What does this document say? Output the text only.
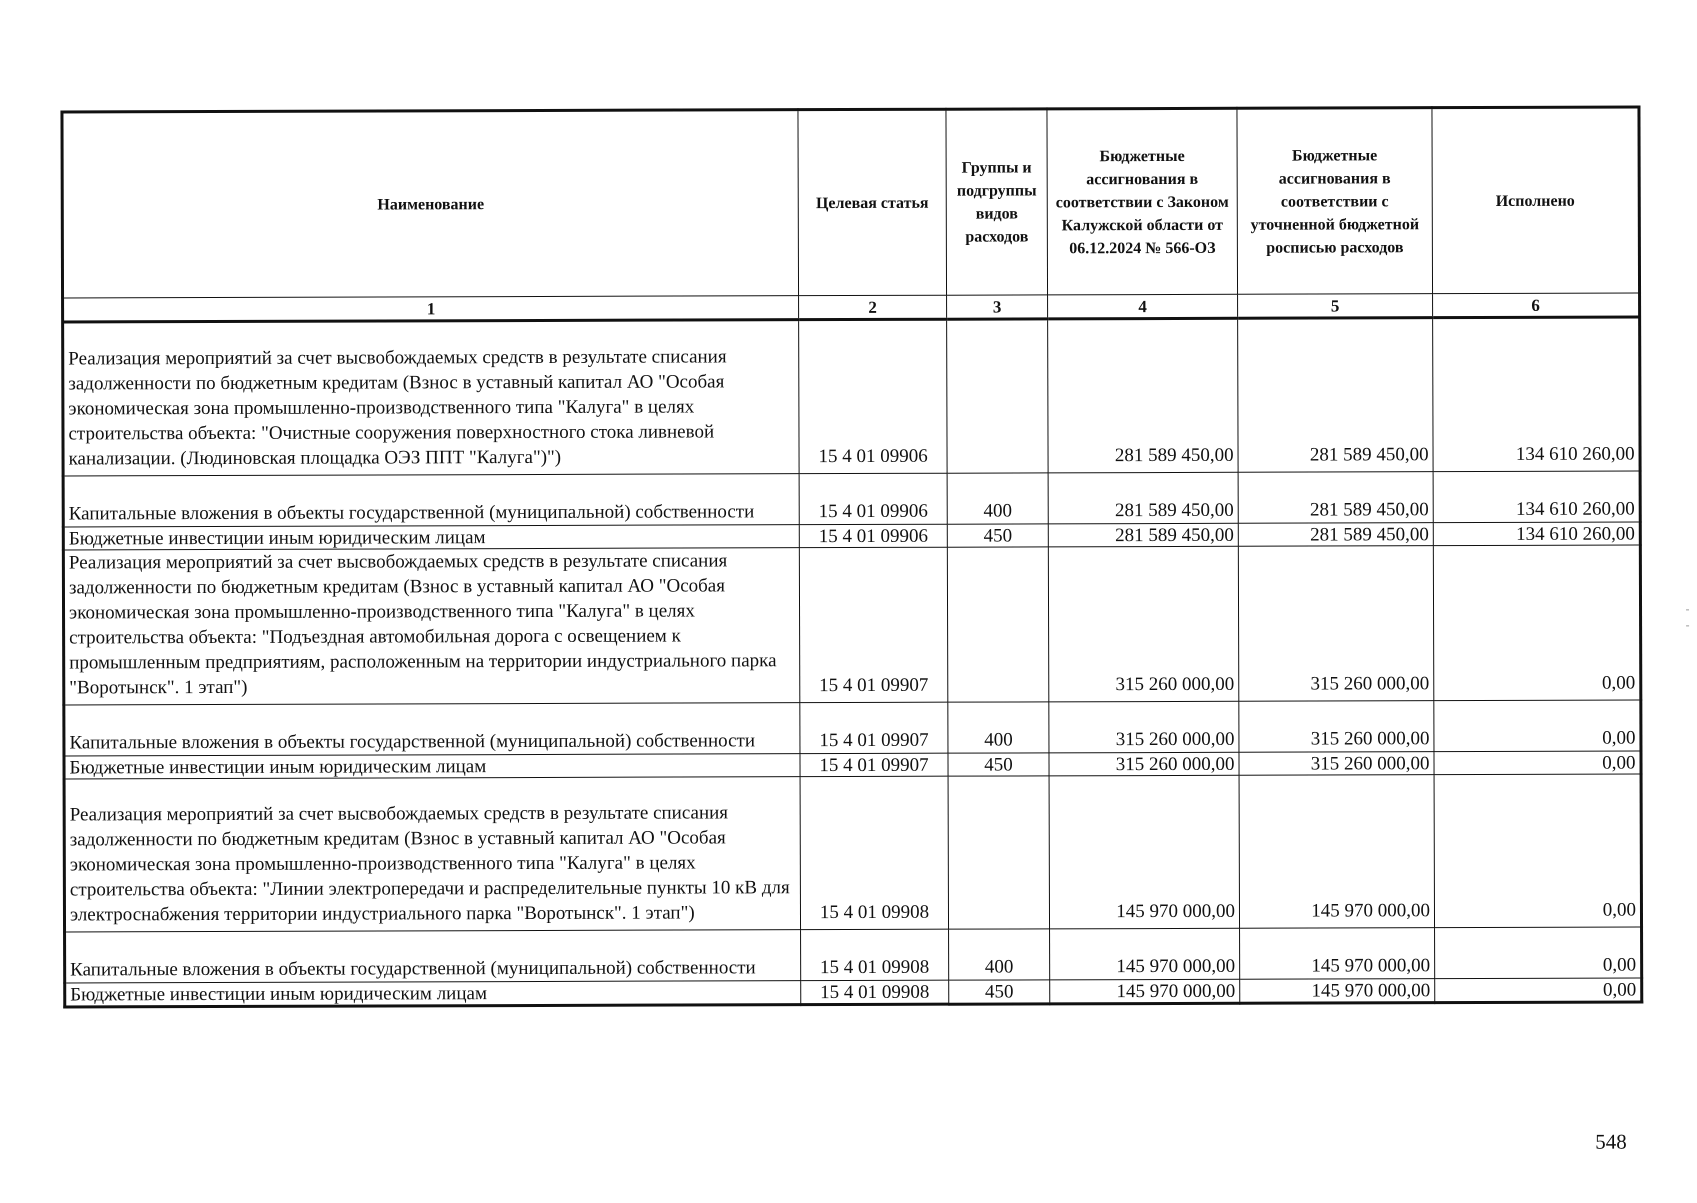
Наименование	Целевая статья	Группы и подгруппы видов расходов	Бюджетные ассигнования в соответствии с Законом Калужской области от 06.12.2024 № 566-ОЗ	Бюджетные ассигнования в соответствии с уточненной бюджетной росписью расходов	Исполнено
1	2	3	4	5	6
Реализация мероприятий за счет высвобождаемых средств в результате списания задолженности по бюджетным кредитам (Взнос в уставный капитал АО "Особая экономическая зона промышленно-производственного типа "Калуга" в целях строительства объекта: "Очистные сооружения поверхностного стока ливневой канализации. (Людиновская площадка ОЭЗ ППТ "Калуга")")	15 4 01 09906		281 589 450,00	281 589 450,00	134 610 260,00
Капитальные вложения в объекты государственной (муниципальной) собственности	15 4 01 09906	400	281 589 450,00	281 589 450,00	134 610 260,00
Бюджетные инвестиции иным юридическим лицам	15 4 01 09906	450	281 589 450,00	281 589 450,00	134 610 260,00
Реализация мероприятий за счет высвобождаемых средств в результате списания задолженности по бюджетным кредитам (Взнос в уставный капитал АО "Особая экономическая зона промышленно-производственного типа "Калуга" в целях строительства объекта: "Подъездная автомобильная дорога с освещением к промышленным предприятиям, расположенным на территории индустриального парка "Воротынск". 1 этап")	15 4 01 09907		315 260 000,00	315 260 000,00	0,00
Капитальные вложения в объекты государственной (муниципальной) собственности	15 4 01 09907	400	315 260 000,00	315 260 000,00	0,00
Бюджетные инвестиции иным юридическим лицам	15 4 01 09907	450	315 260 000,00	315 260 000,00	0,00
Реализация мероприятий за счет высвобождаемых средств в результате списания задолженности по бюджетным кредитам (Взнос в уставный капитал АО "Особая экономическая зона промышленно-производственного типа "Калуга" в целях строительства объекта: "Линии электропередачи и распределительные пункты 10 кВ для электроснабжения территории индустриального парка "Воротынск". 1 этап")	15 4 01 09908		145 970 000,00	145 970 000,00	0,00
Капитальные вложения в объекты государственной (муниципальной) собственности	15 4 01 09908	400	145 970 000,00	145 970 000,00	0,00
Бюджетные инвестиции иным юридическим лицам	15 4 01 09908	450	145 970 000,00	145 970 000,00	0,00
548
